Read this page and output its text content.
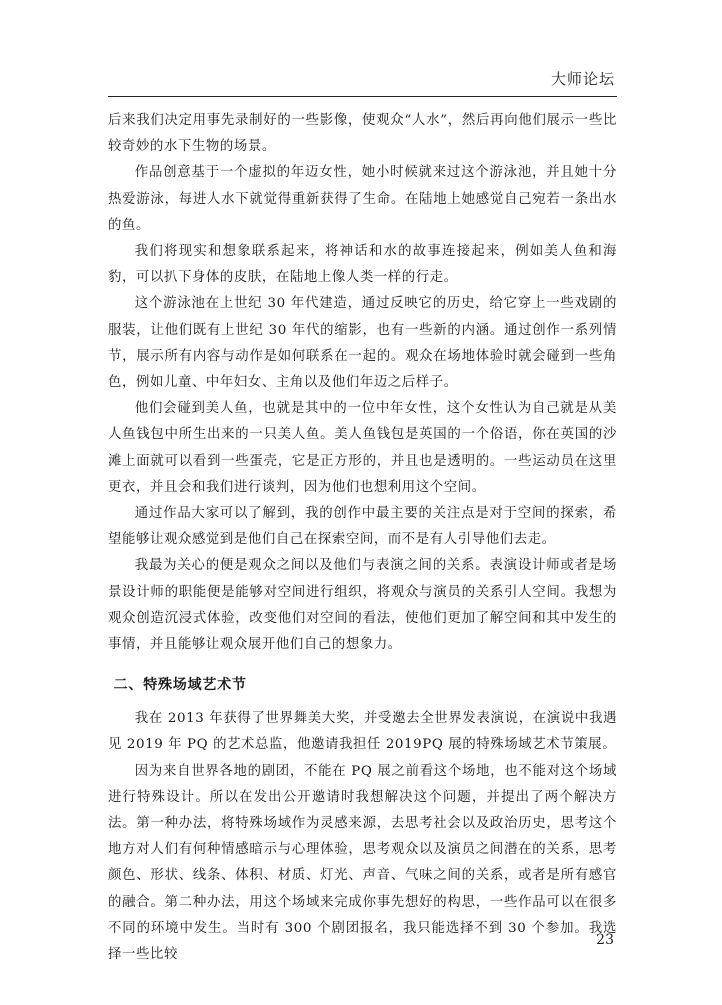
大师论坛

后来我们决定用事先录制好的一些影像，使观众“人水”，然后再向他们展示一些比较奇妙的水下生物的场景。

作品创意基于一个虚拟的年迈女性，她小时候就来过这个游泳池，并且她十分热爱游泳，每进人水下就觉得重新获得了生命。在陆地上她感觉自己宛若一条出水的鱼。

我们将现实和想象联系起来，将神话和水的故事连接起来，例如美人鱼和海豹，可以扒下身体的皮肤，在陆地上像人类一样的行走。

这个游泳池在上世纪 30 年代建造，通过反映它的历史，给它穿上一些戏剧的服装，让他们既有上世纪 30 年代的缩影，也有一些新的内涵。通过创作一系列情节，展示所有内容与动作是如何联系在一起的。观众在场地体验时就会碰到一些角色，例如儿童、中年妇女、主角以及他们年迈之后样子。

他们会碰到美人鱼，也就是其中的一位中年女性，这个女性认为自己就是从美人鱼钱包中所生出来的一只美人鱼。美人鱼钱包是英国的一个俗语，你在英国的沙滩上面就可以看到一些蛋壳，它是正方形的，并且也是透明的。一些运动员在这里更衣，并且会和我们进行谈判，因为他们也想利用这个空间。

通过作品大家可以了解到，我的创作中最主要的关注点是对于空间的探索，希望能够让观众感觉到是他们自己在探索空间，而不是有人引导他们去走。

我最为关心的便是观众之间以及他们与表演之间的关系。表演设计师或者是场景设计师的职能便是能够对空间进行组织，将观众与演员的关系引人空间。我想为观众创造沉浸式体验，改变他们对空间的看法，使他们更加了解空间和其中发生的事情，并且能够让观众展开他们自己的想象力。

二、特殊场域艺术节

我在 2013 年获得了世界舞美大奖，并受邀去全世界发表演说，在演说中我遇见 2019 年 PQ 的艺术总监，他邀请我担任 2019PQ 展的特殊场域艺术节策展。

因为来自世界各地的剧团，不能在 PQ 展之前看这个场地，也不能对这个场域进行特殊设计。所以在发出公开邀请时我想解决这个问题，并提出了两个解决方法。第一种办法，将特殊场域作为灵感来源，去思考社会以及政治历史，思考这个地方对人们有何种情感暗示与心理体验，思考观众以及演员之间潜在的关系，思考颜色、形状、线条、体积、材质、灯光、声音、气味之间的关系，或者是所有感官的融合。第二种办法，用这个场域来完成你事先想好的构思，一些作品可以在很多不同的环境中发生。当时有 300 个剧团报名，我只能选择不到 30 个参加。我选择一些比较

23
